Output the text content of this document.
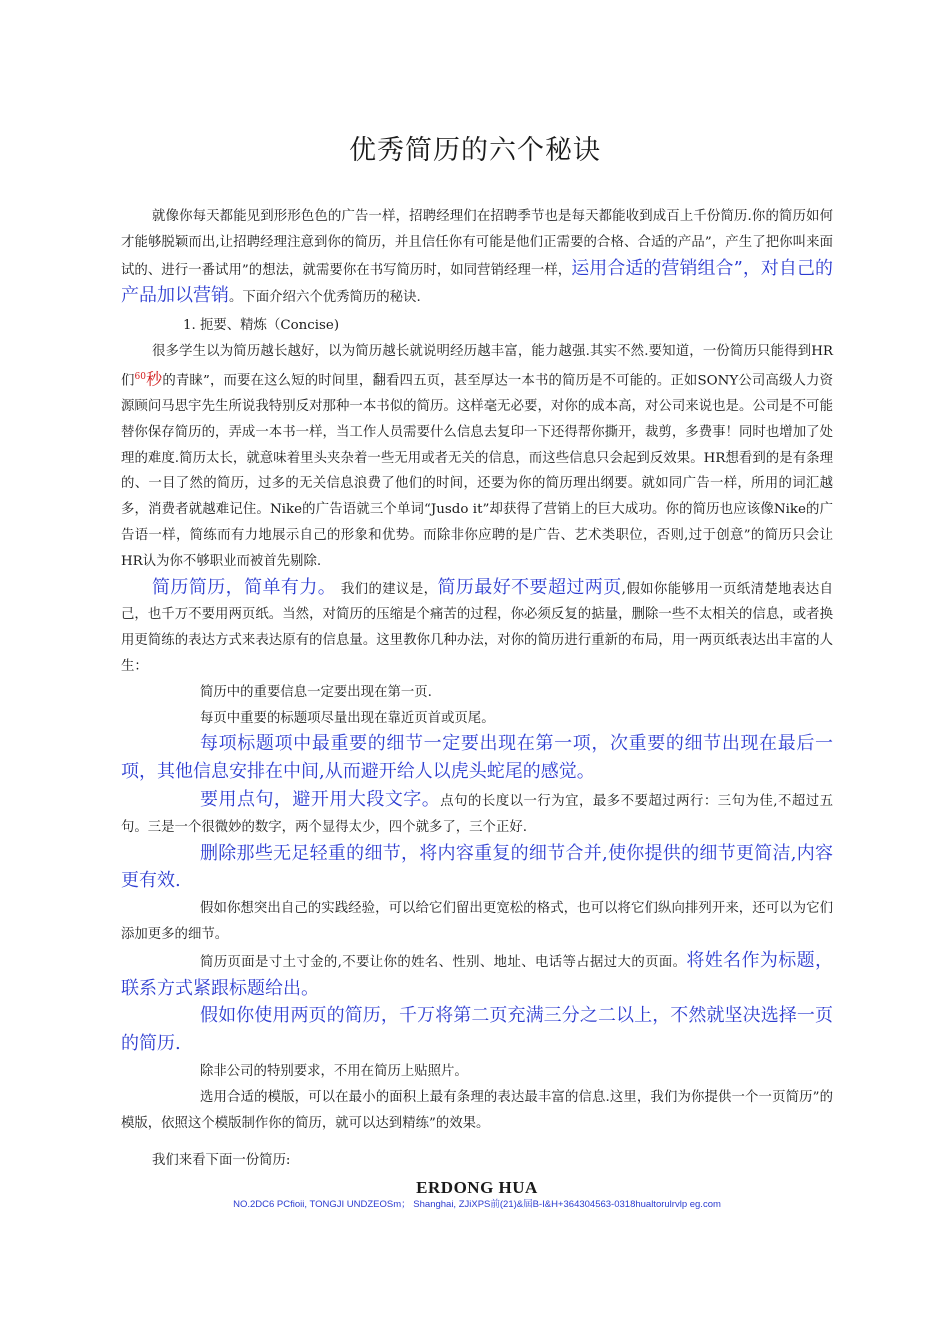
优秀简历的六个秘诀

就像你每天都能见到形形色色的广告一样，招聘经理们在招聘季节也是每天都能收到成百上千份简历.你的简历如何才能够脱颖而出,让招聘经理注意到你的简历，并且信任你有可能是他们正需要的合格、合适的产品”，产生了把你叫来面试的、进行一番试用”的想法，就需要你在书写简历时，如同营销经理一样，运用合适的营销组合”，对自己的产品加以营销。下面介绍六个优秀简历的秘诀.

1. 扼要、精炼（Concise)

很多学生以为简历越长越好，以为简历越长就说明经历越丰富，能力越强.其实不然.要知道，一份简历只能得到HR们$^{60}$秒的青睐”，而要在这么短的时间里，翻看四五页，甚至厚达一本书的简历是不可能的。正如SONY公司高级人力资源顾问马思宇先生所说我特别反对那种一本书似的简历。这样毫无必要，对你的成本高，对公司来说也是。公司是不可能替你保存简历的，弄成一本书一样，当工作人员需要什么信息去复印一下还得帮你撕开，裁剪，多费事！同时也增加了处理的难度.简历太长，就意味着里头夹杂着一些无用或者无关的信息，而这些信息只会起到反效果。HR想看到的是有条理的、一目了然的简历，过多的无关信息浪费了他们的时间，还要为你的简历理出纲要。就如同广告一样，所用的词汇越多，消费者就越难记住。Nike的广告语就三个单词“Jusdo it”却获得了营销上的巨大成功。你的简历也应该像Nike的广告语一样，简练而有力地展示自己的形象和优势。而除非你应聘的是广告、艺术类职位，否则,过于创意”的简历只会让HR认为你不够职业而被首先剔除.

简历简历，简单有力。 我们的建议是，简历最好不要超过两页,假如你能够用一页纸清楚地表达自己，也千万不要用两页纸。当然，对简历的压缩是个痛苦的过程，你必须反复的掂量，删除一些不太相关的信息，或者换用更简练的表达方式来表达原有的信息量。这里教你几种办法，对你的简历进行重新的布局，用一两页纸表达出丰富的人生：

简历中的重要信息一定要出现在第一页.

每页中重要的标题项尽量出现在靠近页首或页尾。

每项标题项中最重要的细节一定要出现在第一项，次重要的细节出现在最后一项，其他信息安排在中间,从而避开给人以虎头蛇尾的感觉。

要用点句，避开用大段文字。点句的长度以一行为宜，最多不要超过两行：三句为佳,不超过五句。三是一个很微妙的数字，两个显得太少，四个就多了，三个正好.

删除那些无足轻重的细节，将内容重复的细节合并,使你提供的细节更简洁,内容更有效.

假如你想突出自己的实践经验，可以给它们留出更宽松的格式，也可以将它们纵向排列开来，还可以为它们添加更多的细节。

简历页面是寸土寸金的,不要让你的姓名、性别、地址、电话等占据过大的页面。将姓名作为标题，联系方式紧跟标题给出。

假如你使用两页的简历，千万将第二页充满三分之二以上，不然就坚决选择一页的简历.

除非公司的特别要求，不用在简历上贴照片。

选用合适的模版，可以在最小的面积上最有条理的表达最丰富的信息.这里，我们为你提供一个一页简历”的模版，依照这个模版制作你的简历，就可以达到精练”的效果。

我们来看下面一份简历:

ERDONG HUA
NO.2DC6 PCfioii, TONGJI UNDZEOSm； Shanghai, ZJiXPS前(21)&屆B-I&H+364304563-0318hualtorulrvlp eg.com
